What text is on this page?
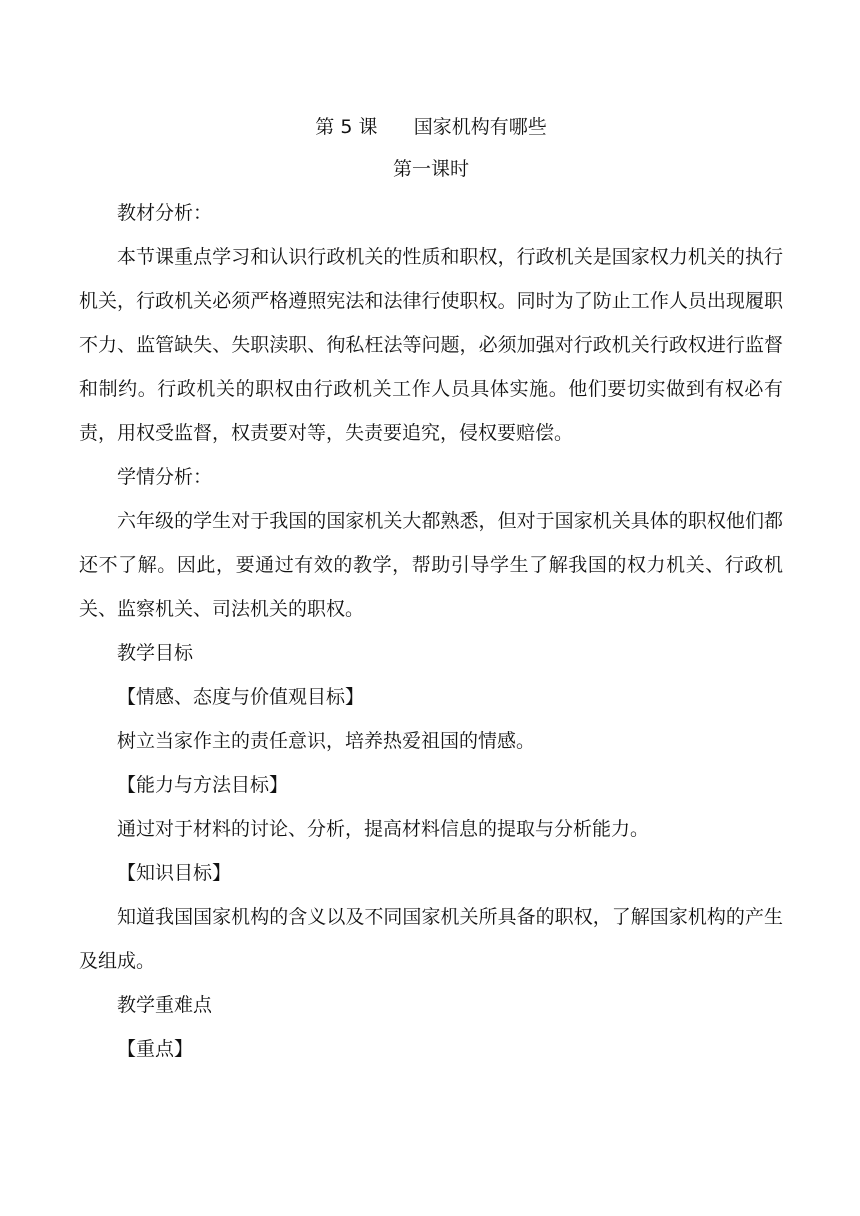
第 5 课      国家机构有哪些
第一课时

教材分析：

本节课重点学习和认识行政机关的性质和职权，行政机关是国家权力机关的执行机关，行政机关必须严格遵照宪法和法律行使职权。同时为了防止工作人员出现履职不力、监管缺失、失职渎职、徇私枉法等问题，必须加强对行政机关行政权进行监督和制约。行政机关的职权由行政机关工作人员具体实施。他们要切实做到有权必有责，用权受监督，权责要对等，失责要追究，侵权要赔偿。

学情分析：

六年级的学生对于我国的国家机关大都熟悉，但对于国家机关具体的职权他们都还不了解。因此，要通过有效的教学，帮助引导学生了解我国的权力机关、行政机关、监察机关、司法机关的职权。

教学目标

【情感、态度与价值观目标】

树立当家作主的责任意识，培养热爱祖国的情感。

【能力与方法目标】

通过对于材料的讨论、分析，提高材料信息的提取与分析能力。

【知识目标】

知道我国国家机构的含义以及不同国家机关所具备的职权，了解国家机构的产生及组成。

教学重难点

【重点】
